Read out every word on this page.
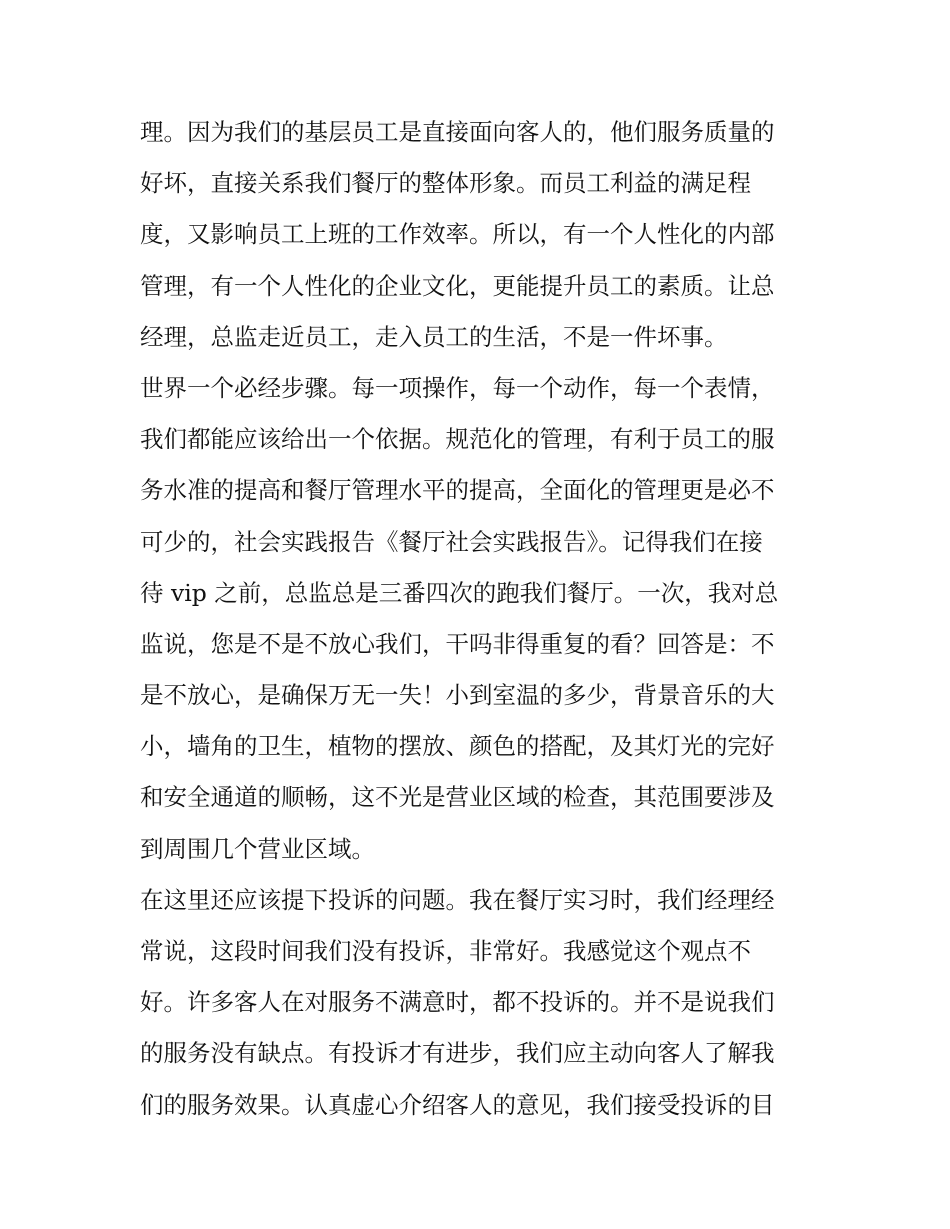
理。因为我们的基层员工是直接面向客人的，他们服务质量的
好坏，直接关系我们餐厅的整体形象。而员工利益的满足程
度，又影响员工上班的工作效率。所以，有一个人性化的内部
管理，有一个人性化的企业文化，更能提升员工的素质。让总
经理，总监走近员工，走入员工的生活，不是一件坏事。
世界一个必经步骤。每一项操作，每一个动作，每一个表情，
我们都能应该给出一个依据。规范化的管理，有利于员工的服
务水准的提高和餐厅管理水平的提高，全面化的管理更是必不
可少的，社会实践报告《餐厅社会实践报告》。记得我们在接
待 vip 之前，总监总是三番四次的跑我们餐厅。一次，我对总
监说，您是不是不放心我们，干吗非得重复的看？回答是：不
是不放心，是确保万无一失！小到室温的多少，背景音乐的大
小，墙角的卫生，植物的摆放、颜色的搭配，及其灯光的完好
和安全通道的顺畅，这不光是营业区域的检查，其范围要涉及
到周围几个营业区域。
在这里还应该提下投诉的问题。我在餐厅实习时，我们经理经
常说，这段时间我们没有投诉，非常好。我感觉这个观点不
好。许多客人在对服务不满意时，都不投诉的。并不是说我们
的服务没有缺点。有投诉才有进步，我们应主动向客人了解我
们的服务效果。认真虚心介绍客人的意见，我们接受投诉的目
